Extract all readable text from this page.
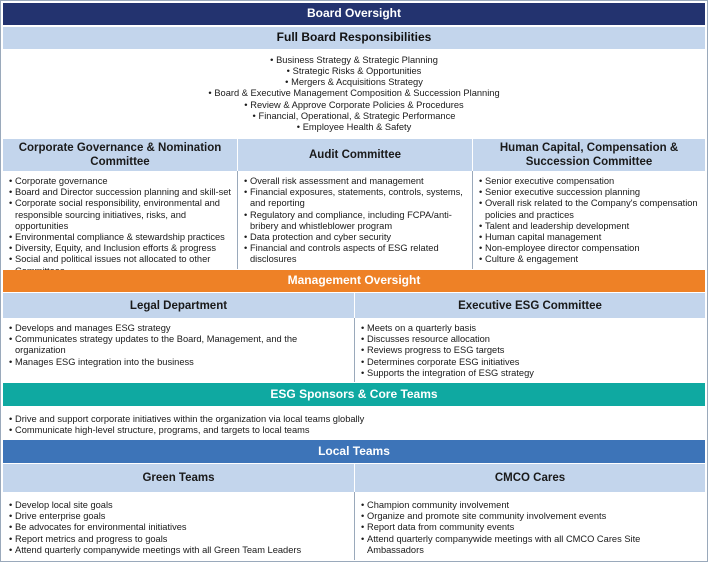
Board Oversight
Full Board Responsibilities
• Business Strategy & Strategic Planning
• Strategic Risks & Opportunities
• Mergers & Acquisitions Strategy
• Board & Executive Management Composition & Succession Planning
• Review & Approve Corporate Policies & Procedures
• Financial, Operational, & Strategic Performance
• Employee Health & Safety
Corporate Governance & Nomination Committee
Audit Committee
Human Capital, Compensation & Succession Committee
• Corporate governance
• Board and Director succession planning and skill-set
• Corporate social responsibility, environmental and responsible sourcing initiatives, risks, and opportunities
• Environmental compliance & stewardship practices
• Diversity, Equity, and Inclusion efforts & progress
• Social and political issues not allocated to other
• Overall risk assessment and management
• Financial exposures, statements, controls, systems, and reporting
• Regulatory and compliance, including FCPA/anti-bribery and whistleblower program
• Data protection and cyber security
• Financial and controls aspects of ESG related disclosures
• Senior executive compensation
• Senior executive succession planning
• Overall risk related to the Company's compensation policies and practices
• Talent and leadership development
• Human capital management
• Non-employee director compensation
• Culture & engagement
Management Oversight
Legal Department	Executive ESG Committee
• Develops and manages ESG strategy
• Communicates strategy updates to the Board, Management, and the organization
• Manages ESG integration into the business
• Meets on a quarterly basis
• Discusses resource allocation
• Reviews progress to ESG targets
• Determines corporate ESG initiatives
• Supports the integration of ESG strategy
ESG Sponsors & Core Teams
• Drive and support corporate initiatives within the organization via local teams globally
• Communicate high-level structure, programs, and targets to local teams
Local Teams
Green Teams	CMCO Cares
• Develop local site goals
• Drive enterprise goals
• Be advocates for environmental initiatives
• Report metrics and progress to goals
• Attend quarterly companywide meetings with all Green Team Leaders
• Champion community involvement
• Organize and promote site community involvement events
• Report data from community events
• Attend quarterly companywide meetings with all CMCO Cares Site Ambassadors
